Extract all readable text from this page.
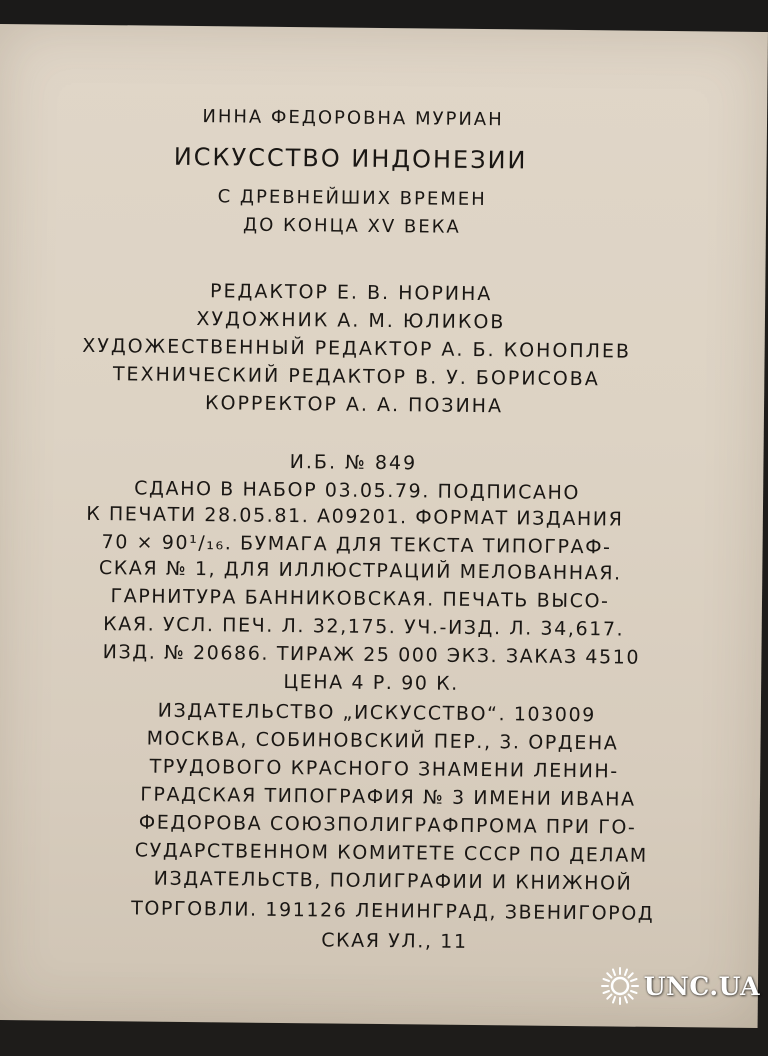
ИННА ФЕДОРОВНА МУРИАН
ИСКУССТВО ИНДОНЕЗИИ
С ДРЕВНЕЙШИХ ВРЕМЕН
ДО КОНЦА XV ВЕКА
РЕДАКТОР Е. В. НОРИНА
ХУДОЖНИК А. М. ЮЛИКОВ
ХУДОЖЕСТВЕННЫЙ РЕДАКТОР А. Б. КОНОПЛЕВ
ТЕХНИЧЕСКИЙ РЕДАКТОР В. У. БОРИСОВА
КОРРЕКТОР А. А. ПОЗИНА
И.Б. № 849
СДАНО В НАБОР 03.05.79. ПОДПИСАНО
К ПЕЧАТИ 28.05.81. А09201. ФОРМАТ ИЗДАНИЯ
70 × 90¹/₁₆. БУМАГА ДЛЯ ТЕКСТА ТИПОГРАФ-
СКАЯ № 1, ДЛЯ ИЛЛЮСТРАЦИЙ МЕЛОВАННАЯ.
ГАРНИТУРА БАННИКОВСКАЯ. ПЕЧАТЬ ВЫСО-
КАЯ. УСЛ. ПЕЧ. Л. 32,175. УЧ.-ИЗД. Л. 34,617.
ИЗД. № 20686. ТИРАЖ 25 000 ЭКЗ. ЗАКАЗ 4510
ЦЕНА 4 Р. 90 К.
ИЗДАТЕЛЬСТВО „ИСКУССТВО“. 103009
МОСКВА, СОБИНОВСКИЙ ПЕР., 3. ОРДЕНА
ТРУДОВОГО КРАСНОГО ЗНАМЕНИ ЛЕНИН-
ГРАДСКАЯ ТИПОГРАФИЯ № 3 ИМЕНИ ИВАНА
ФЕДОРОВА СОЮЗПОЛИГРАФПРОМА ПРИ ГО-
СУДАРСТВЕННОМ КОМИТЕТЕ СССР ПО ДЕЛАМ
ИЗДАТЕЛЬСТВ, ПОЛИГРАФИИ И КНИЖНОЙ
ТОРГОВЛИ. 191126 ЛЕНИНГРАД, ЗВЕНИГОРОД
СКАЯ УЛ., 11
UNC.UA
